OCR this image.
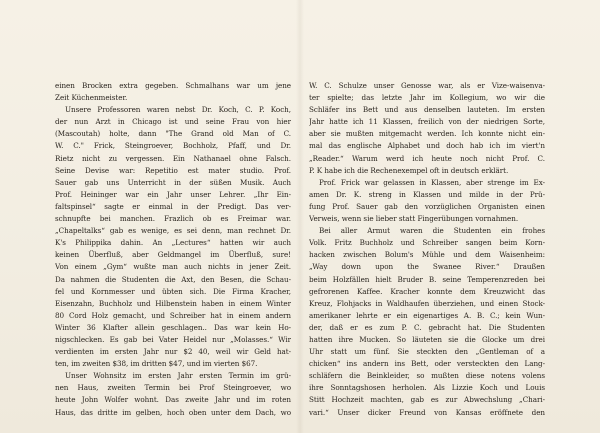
einen Brocken extra gegeben. Schmalhans war um jene
Zeit Küchenmeister.
Unsere Professoren waren nebst Dr. Koch, C. P. Koch,
der nun Arzt in Chicago ist und seine Frau von hier
(Mascoutah) holte, dann "The Grand old Man of C.
W. C." Frick, Steingroever, Bochholz, Pfaff, und Dr.
Rietz nicht zu vergessen. Ein Nathanael ohne Falsch.
Seine Devise war: Repetitio est mater studio. Prof.
Sauer gab uns Unterricht in der süßen Musik. Auch
Prof. Heininger war ein Jahr unser Lehrer. „Ihr Ein-
faltspinsel“ sagte er einmal in der Predigt. Das ver-
schnupfte bei manchen. Frazlich ob es Freimar war.
„Chapeltalks“ gab es wenige, es sei denn, man rechnet Dr.
K's Philippika dahin. An „Lectures“ hatten wir auch
keinen Überfluß, aber Geldmangel im Überfluß, sure!
Von einem „Gym“ wußte man auch nichts in jener Zeit.
Da nahmen die Studenten die Axt, den Besen, die Schau-
fel und Kornmesser und übten sich. Die Firma Kracher,
Eisenzahn, Buchholz und Hilbenstein haben in einem Winter
80 Cord Holz gemacht, und Schreiber hat in einem andern
Winter 36 Klafter allein geschlagen.. Das war kein Ho-
nigschlecken. Es gab bei Vater Heidel nur „Molasses.“ Wir
verdienten im ersten Jahr nur $2 40, weil wir Geld hat-
ten, im zweiten $38, im dritten $47, und im vierten $67.
Unser Wohnsitz im ersten Jahr ersten Termin im grü-
nen Haus, zweiten Termin bei Prof Steingroever, wo
heute John Wolfer wohnt. Das zweite Jahr und im roten
Haus, das dritte im gelben, hoch oben unter dem Dach, wo
W. C. Schulze unser Genosse war, als er Vize-waisenva-
ter spielte; das letzte Jahr im Kollegium, wo wir die
Schläfer ins Bett und aus denselben lauteten. Im ersten
Jahr hatte ich 11 Klassen, freilich von der niedrigen Sorte,
aber sie mußten mitgemacht werden. Ich konnte nicht ein-
mal das englische Alphabet und doch hab ich im viert'n
„Reader.“ Warum werd ich heute noch nicht Prof. C.
P. K habe ich die Rechenexempel oft in deutsch erklärt.
Prof. Frick war gelassen in Klassen, aber strenge im Ex-
amen Dr. K. streng in Klassen und milde in der Prü-
fung Prof. Sauer gab den vorzüglichen Organisten einen
Verweis, wenn sie lieber statt Fingerübungen vornahmen.
Bei aller Armut waren die Studenten ein frohes
Volk. Fritz Buchholz und Schreiber sangen beim Korn-
hacken zwischen Bolum's Mühle und dem Waisenheim:
„Way down upon the Swanee River.“ Draußen
beim Holzfällen hielt Bruder B. seine Temperenzreden bei
gefrorenen Kaffee. Kracher konnte dem Kreuzwicht das
Kreuz, Flohjacks in Waldhaufen überziehen, und einen Stock-
amerikaner lehrte er ein eigenartiges A. B. C.; kein Wun-
der, daß er es zum P. C. gebracht hat. Die Studenten
hatten ihre Mucken. So läuteten sie die Glocke um drei
Uhr statt um fünf. Sie steckten den „Gentleman of a
chicken“ ins andern ins Bett, oder versteckten den Lang-
schläfern die Beinkleider, so mußten diese notens volens
ihre Sonntagshosen herholen. Als Lizzie Koch und Louis
Stitt Hochzeit machten, gab es zur Abwechslung „Chari-
vari.“ Unser dicker Freund von Kansas eröffnete den
